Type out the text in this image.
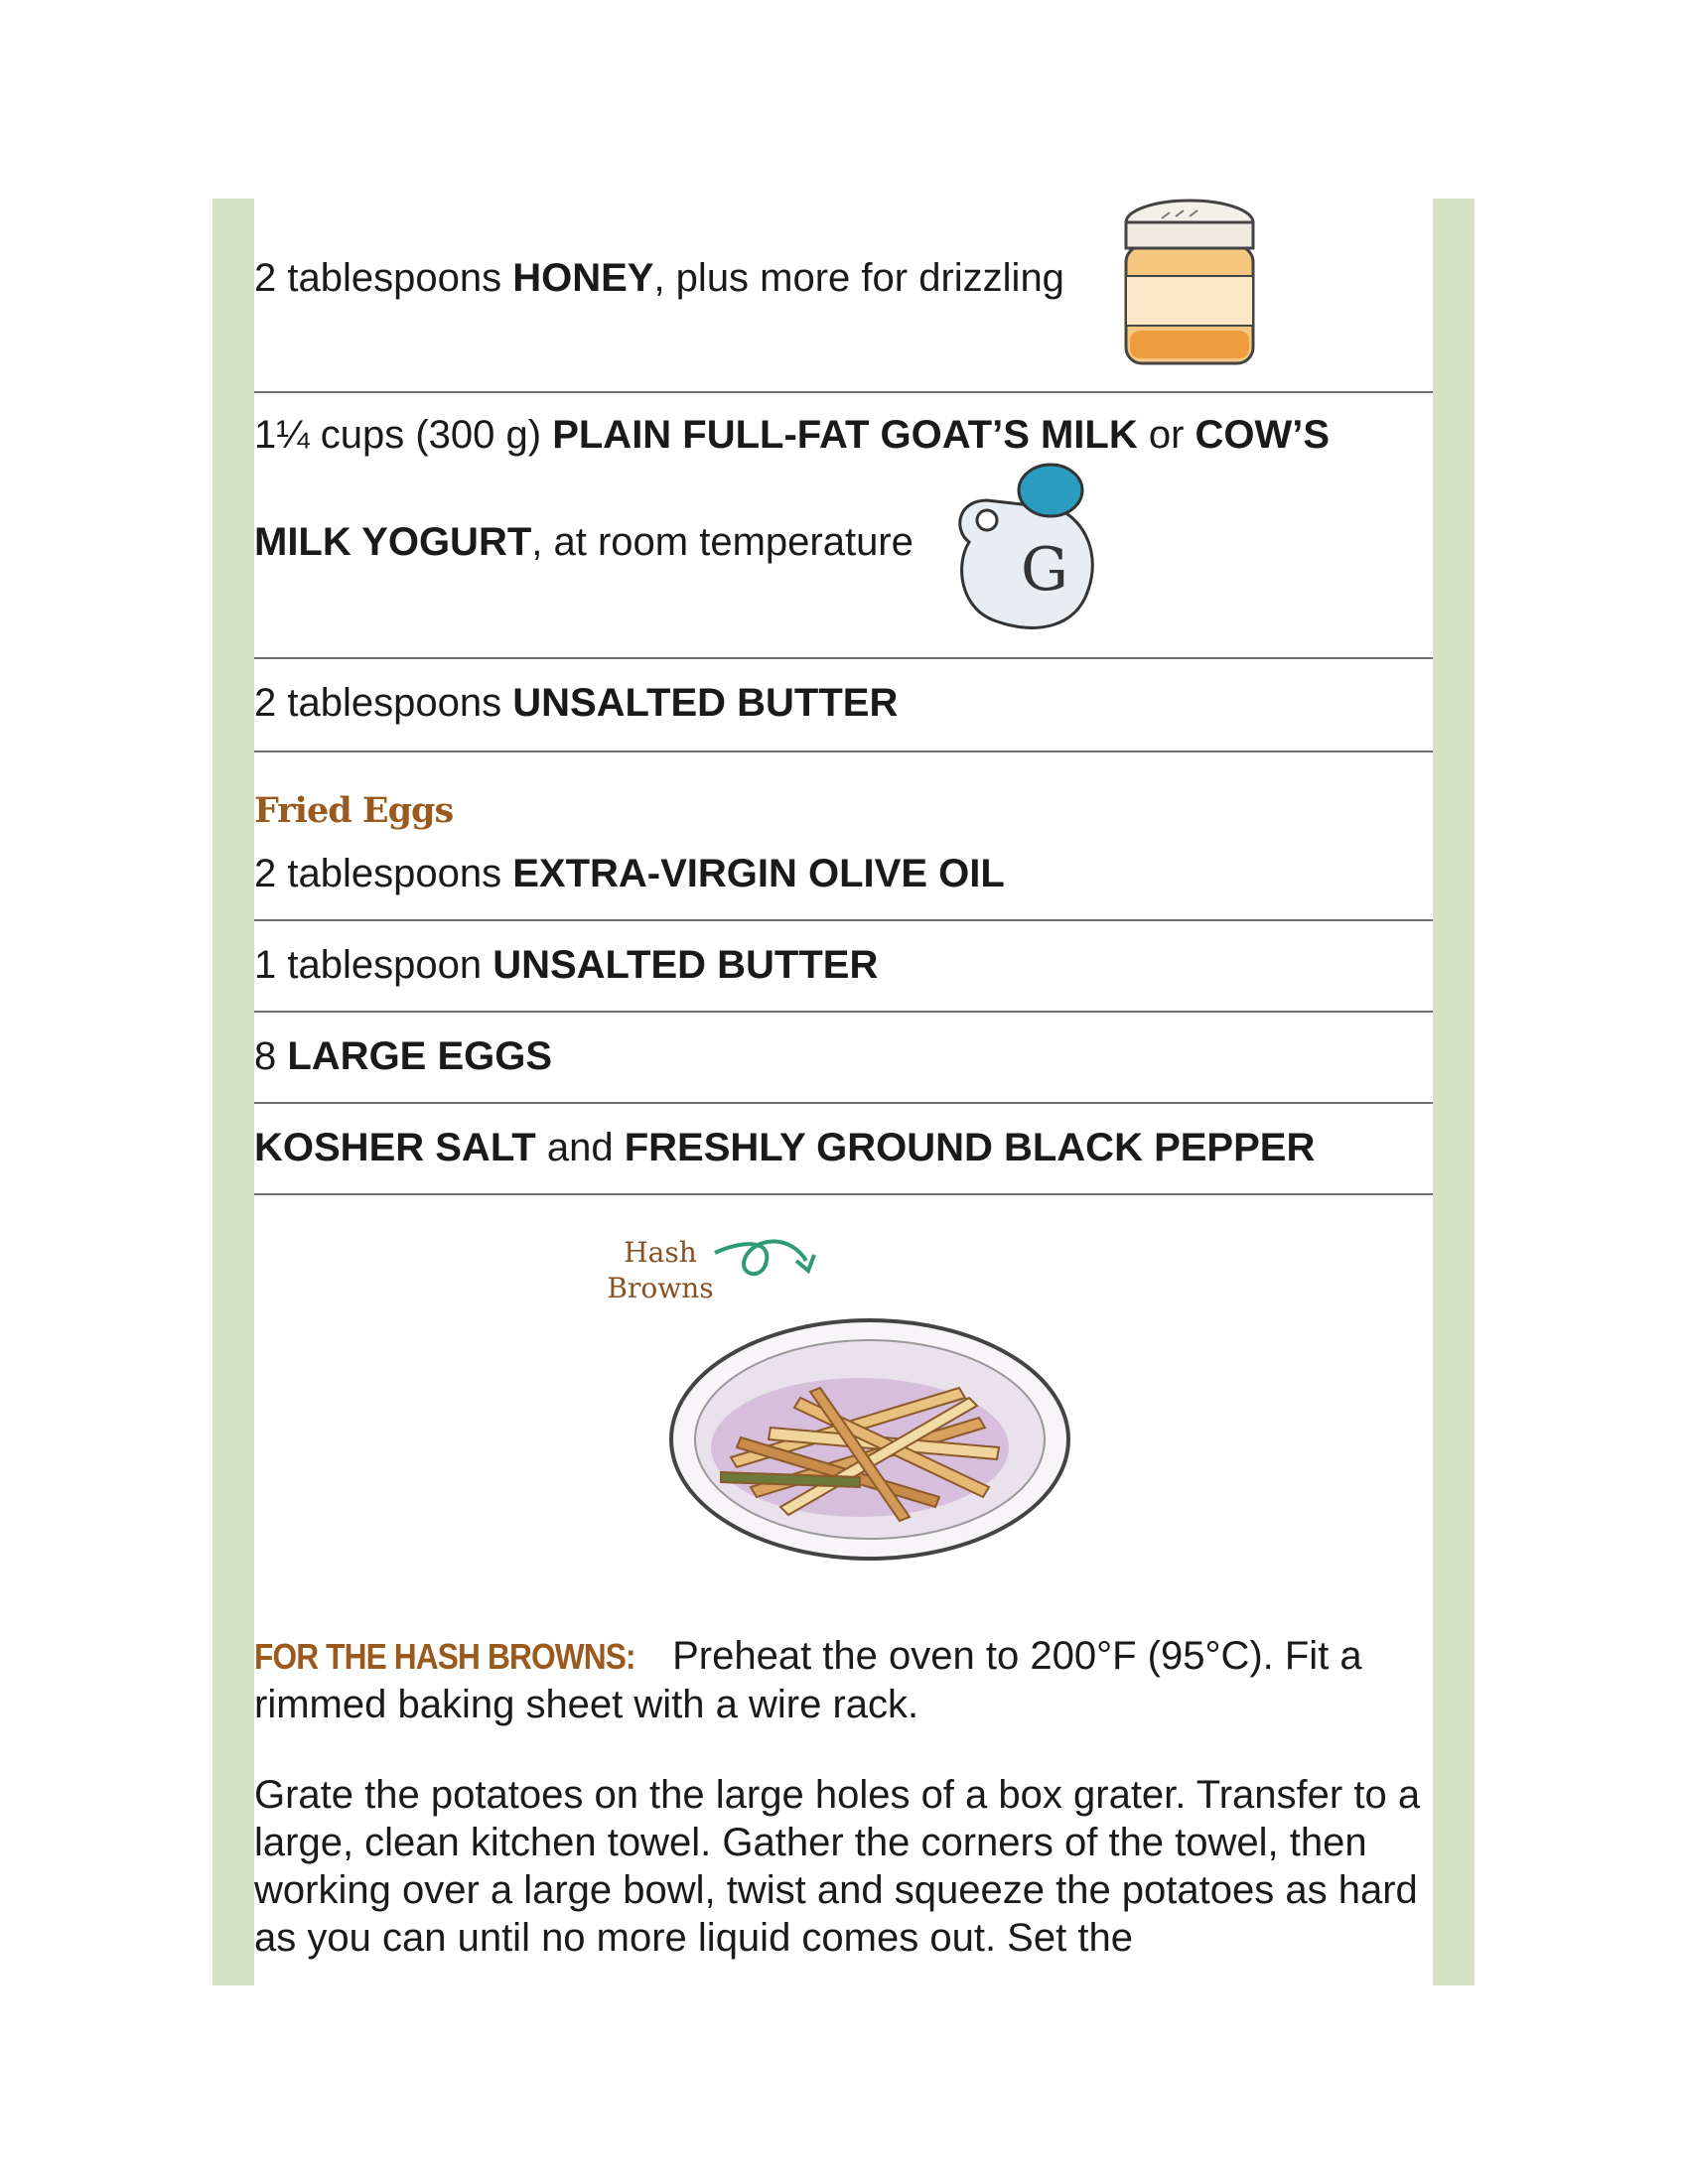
2 tablespoons HONEY, plus more for drizzling
1¼ cups (300 g) PLAIN FULL-FAT GOAT’S MILK or COW’S
MILK YOGURT, at room temperature	G
2 tablespoons UNSALTED BUTTER
Fried Eggs
2 tablespoons EXTRA-VIRGIN OLIVE OIL
1 tablespoon UNSALTED BUTTER
8 LARGE EGGS
KOSHER SALT and FRESHLY GROUND BLACK PEPPER
Hash
Browns
FOR THE HASH BROWNS: Preheat the oven to 200°F (95°C). Fit a rimmed baking sheet with a wire rack.
Grate the potatoes on the large holes of a box grater. Transfer to a large, clean kitchen towel. Gather the corners of the towel, then working over a large bowl, twist and squeeze the potatoes as hard as you can until no more liquid comes out. Set the
